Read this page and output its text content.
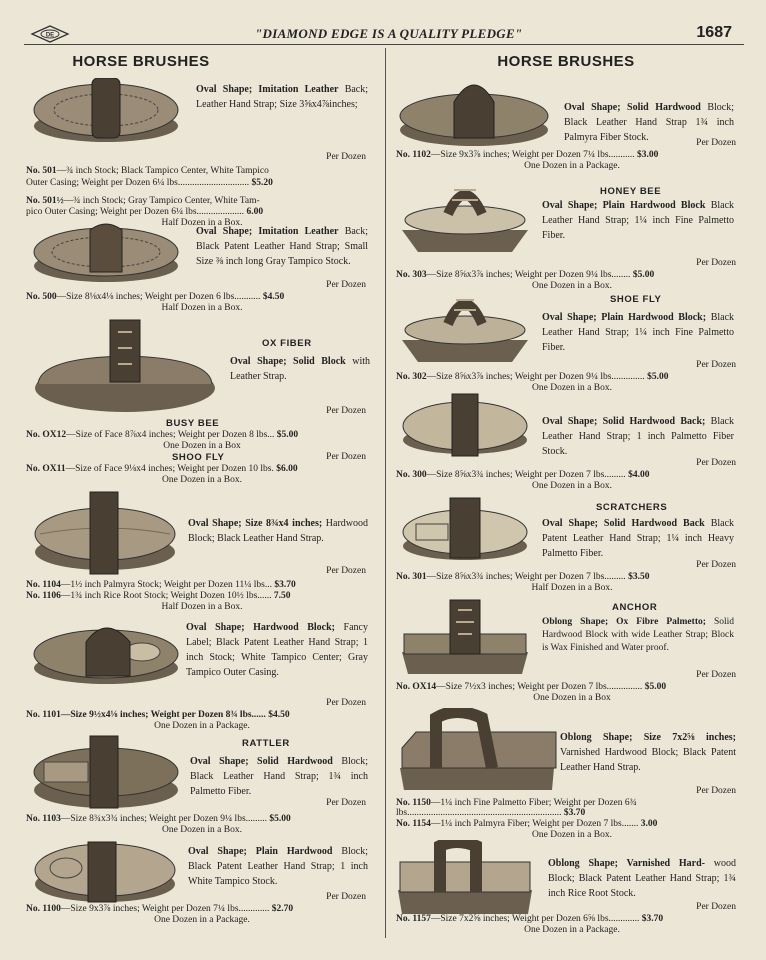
DE	"DIAMOND EDGE IS A QUALITY PLEDGE"	1687
HORSE BRUSHES
Oval Shape; Imitation Leather Back; Leather Hand Strap; Size 3⅝x4⅞inches;
Per Dozen
No. 501—¾ inch Stock; Black Tampico Center, White Tampico
Outer Casing; Weight per Dozen 6¼ lbs.............................. $5.20
No. 501½—¾ inch Stock; Gray Tampico Center, White Tam-
pico Outer Casing; Weight per Dozen 6¼ lbs.................... 6.00
Half Dozen in a Box.
Oval Shape; Imitation Leather Back; Black Patent Leather Hand Strap; Small Size ⅜ inch long Gray Tampico Stock.
Per Dozen
No. 500—Size 8⅛x4⅛ inches; Weight per Dozen 6 lbs........... $4.50
Half Dozen in a Box.
OX FIBER
Oval Shape; Solid Block with Leather Strap.
Per Dozen
BUSY BEE
No. OX12—Size of Face 8⅞x4 inches; Weight per Dozen 8 lbs... $5.00
One Dozen in a Box
SHOO FLY	Per Dozen
No. OX11—Size of Face 9⅛x4 inches; Weight per Dozen 10 lbs. $6.00
One Dozen in a Box.
Oval Shape; Size 8¾x4 inches; Hardwood Block; Black Leather Hand Strap.
Per Dozen
No. 1104—1½ inch Palmyra Stock; Weight per Dozen 11¼ lbs... $3.70
No. 1106—1¾ inch Rice Root Stock; Weight Dozen 10½ lbs...... 7.50
Half Dozen in a Box.
Oval Shape; Hardwood Block; Fancy Label; Black Patent Leather Hand Strap; 1 inch Stock; White Tampico Center; Gray Tampico Outer Casing.
Per Dozen
No. 1101—Size 9½x4⅛ inches; Weight per Dozen 8¾ lbs...... $4.50
One Dozen in a Package.
RATTLER
Oval Shape; Solid Hardwood Block; Black Leather Hand Strap; 1¾ inch Palmetto Fiber.
Per Dozen
No. 1103—Size 8¾x3¾ inches; Weight per Dozen 9¼ lbs......... $5.00
One Dozen in a Box.
Oval Shape; Plain Hardwood Block; Black Patent Leather Hand Strap; 1 inch White Tampico Stock.
Per Dozen
No. 1100—Size 9x3⅞ inches; Weight per Dozen 7¼ lbs............. $2.70
One Dozen in a Package.
HORSE BRUSHES
Oval Shape; Solid Hardwood Block; Black Leather Hand Strap 1¾ inch Palmyra Fiber Stock.	Per Dozen
No. 1102—Size 9x3⅞ inches; Weight per Dozen 7¼ lbs........... $3.00
One Dozen in a Package.
HONEY BEE
Oval Shape; Plain Hardwood Block Black Leather Hand Strap; 1¼ inch Fine Palmetto Fiber.
Per Dozen
No. 303—Size 8⅝x3⅞ inches; Weight per Dozen 9¼ lbs........ $5.00
One Dozen in a Box.
SHOE FLY
Oval Shape; Plain Hardwood Block; Black Leather Hand Strap; 1¼ inch Fine Palmetto Fiber.
Per Dozen
No. 302—Size 8⅝x3⅞ inches; Weight per Dozen 9¼ lbs.............. $5.00
One Dozen in a Box.
Oval Shape; Solid Hardwood Back; Black Leather Hand Strap; 1 inch Palmetto Fiber Stock.
Per Dozen
No. 300—Size 8⅝x3¾ inches; Weight per Dozen 7 lbs......... $4.00
One Dozen in a Box.
SCRATCHERS
Oval Shape; Solid Hardwood Back Black Patent Leather Hand Strap; 1¼ inch Heavy Palmetto Fiber.
Per Dozen
No. 301—Size 8⅝x3¾ inches; Weight per Dozen 7 lbs......... $3.50
Half Dozen in a Box.
ANCHOR
Oblong Shape; Ox Fibre Palmetto; Solid Hardwood Block with wide Leather Strap; Block is Wax Finished and Water proof.
Per Dozen
No. OX14—Size 7½x3 inches; Weight per Dozen 7 lbs............... $5.00
One Dozen in a Box
Oblong Shape; Size 7x2⅝ inches; Varnished Hardwood Block; Black Patent Leather Hand Strap.
Per Dozen
No. 1150—1¼ inch Fine Palmetto Fiber; Weight per Dozen 6¾
lbs................................................................. $3.70
No. 1154—1¼ inch Palmyra Fiber; Weight per Dozen 7 lbs....... 3.00
One Dozen in a Box.
Oblong Shape; Varnished Hard- wood Block; Black Patent Leather Hand Strap; 1¾ inch Rice Root Stock.
Per Dozen
No. 1157—Size 7x2⅝ inches; Weight per Dozen 6⅝ lbs............. $3.70
One Dozen in a Package.
